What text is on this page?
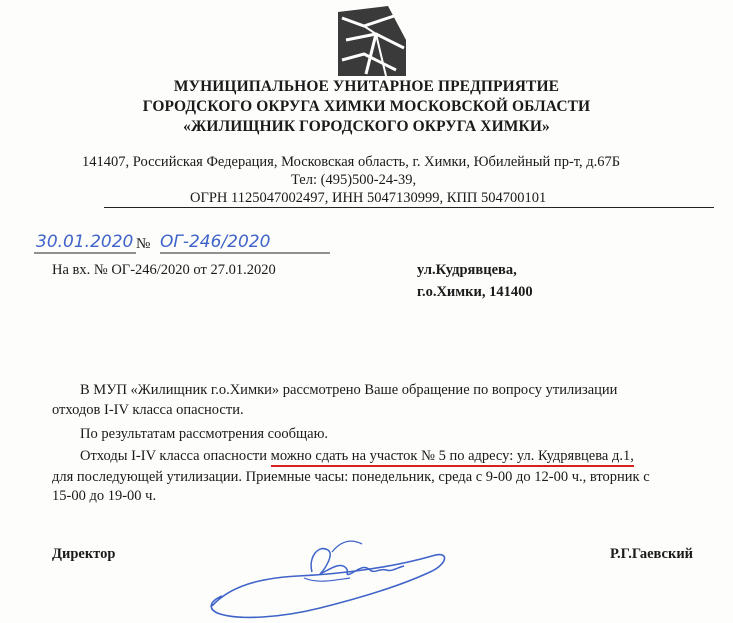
МУНИЦИПАЛЬНОЕ УНИТАРНОЕ ПРЕДПРИЯТИЕ
ГОРОДСКОГО ОКРУГА ХИМКИ МОСКОВСКОЙ ОБЛАСТИ
«ЖИЛИЩНИК ГОРОДСКОГО ОКРУГА ХИМКИ»
141407, Российская Федерация, Московская область, г. Химки, Юбилейный пр-т, д.67Б
Тел: (495)500-24-39,
ОГРН 1125047002497, ИНН 5047130999, КПП 504700101
30.01.2020 № ОГ-246/2020
На вх. № ОГ-246/2020 от 27.01.2020	ул.Кудрявцева,
г.о.Химки, 141400
В МУП «Жилищник г.о.Химки» рассмотрено Ваше обращение по вопросу утилизации
отходов I-IV класса опасности.
По результатам рассмотрения сообщаю.
Отходы I-IV класса опасности можно сдать на участок № 5 по адресу: ул. Кудрявцева д.1,
для последующей утилизации. Приемные часы: понедельник, среда с 9-00 до 12-00 ч., вторник с
15-00 до 19-00 ч.
Директор	Р.Г.Гаевский
